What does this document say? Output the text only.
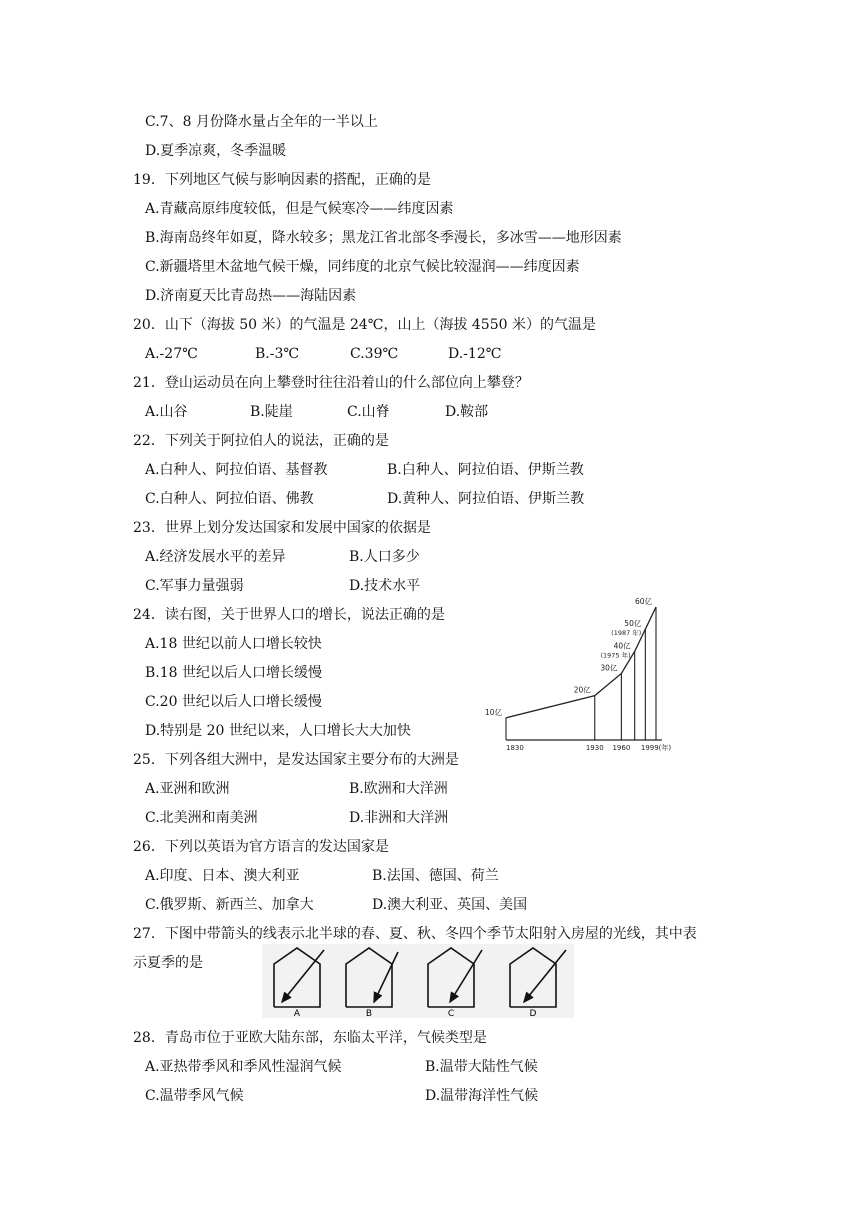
C.7、8 月份降水量占全年的一半以上
D.夏季凉爽，冬季温暖
19．下列地区气候与影响因素的搭配，正确的是
A.青藏高原纬度较低，但是气候寒冷——纬度因素
B.海南岛终年如夏，降水较多；黑龙江省北部冬季漫长，多冰雪——地形因素
C.新疆塔里木盆地气候干燥，同纬度的北京气候比较湿润——纬度因素
D.济南夏天比青岛热——海陆因素
20．山下（海拔 50 米）的气温是 24℃，山上（海拔 4550 米）的气温是
A.-27℃	B.-3℃	C.39℃	D.-12℃
21．登山运动员在向上攀登时往往沿着山的什么部位向上攀登？
A.山谷	B.陡崖	C.山脊	D.鞍部
22．下列关于阿拉伯人的说法，正确的是
A.白种人、阿拉伯语、基督教	B.白种人、阿拉伯语、伊斯兰教
C.白种人、阿拉伯语、佛教	D.黄种人、阿拉伯语、伊斯兰教
23．世界上划分发达国家和发展中国家的依据是
A.经济发展水平的差异	B.人口多少
C.军事力量强弱	D.技术水平
24．读右图，关于世界人口的增长，说法正确的是
A.18 世纪以前人口增长较快
B.18 世纪以后人口增长缓慢
C.20 世纪以后人口增长缓慢
D.特别是 20 世纪以来，人口增长大大加快
10亿
20亿
30亿
40亿
(1975 年)
50亿
(1987 年)
60亿
1830	1930 1960 1999(年)
25．下列各组大洲中，是发达国家主要分布的大洲是
A.亚洲和欧洲	B.欧洲和大洋洲
C.北美洲和南美洲	D.非洲和大洋洲
26．下列以英语为官方语言的发达国家是
A.印度、日本、澳大利亚	B.法国、德国、荷兰
C.俄罗斯、新西兰、加拿大	D.澳大利亚、英国、美国
27．下图中带箭头的线表示北半球的春、夏、秋、冬四个季节太阳射入房屋的光线，其中表
示夏季的是
A	B	C	D
28．青岛市位于亚欧大陆东部，东临太平洋，气候类型是
A.亚热带季风和季风性湿润气候	B.温带大陆性气候
C.温带季风气候	D.温带海洋性气候
